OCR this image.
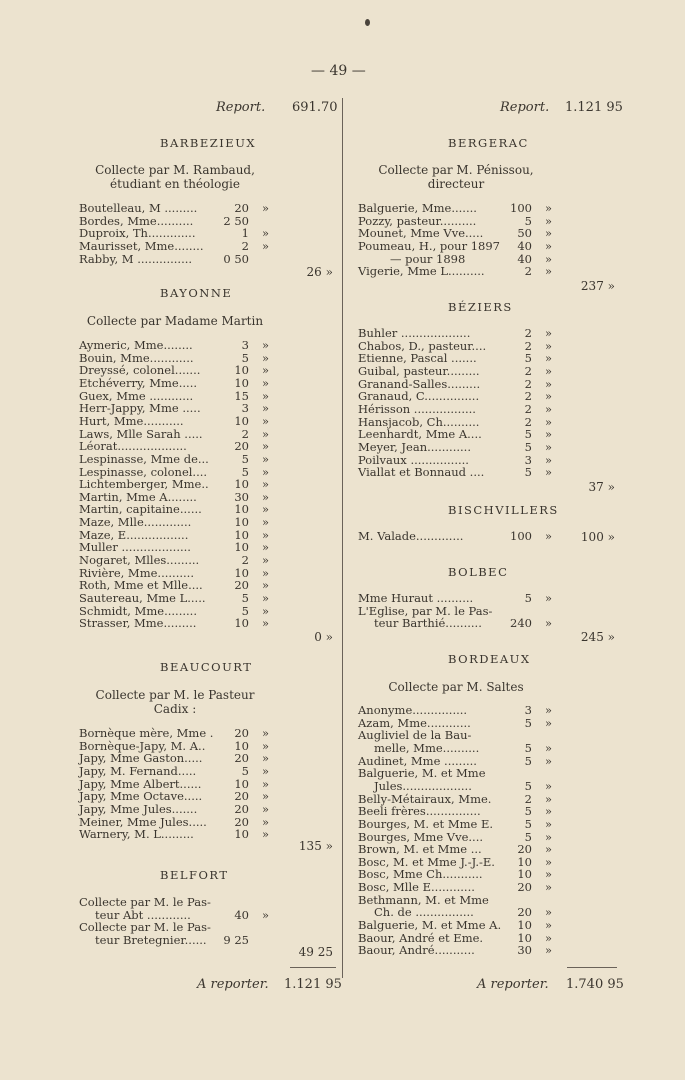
— 49 —
Report. 691.70	Report. 1.121 95
BARBEZIEUX
Collecte par M. Rambaud,
étudiant en théologie
Boutelleau, M .........	20 »
Bordes, Mme..........	2 50
Duproix, Th.............	1 »
Maurisset, Mme........	2 »
Rabby, M ...............	0 50
26 »
BAYONNE
Collecte par Madame Martin
Aymeric, Mme........	3 »
Bouin, Mme............	5 »
Dreyssé, colonel.......	10 »
Etchéverry, Mme.....	10 »
Guex, Mme ............	15 »
Herr-Jappy, Mme .....	3 »
Hurt, Mme...........	10 »
Laws, Mlle Sarah .....	2 »
Léorat...................	20 »
Lespinasse, Mme de...	5 »
Lespinasse, colonel....	5 »
Lichtemberger, Mme..	10 »
Martin, Mme A........	30 »
Martin, capitaine......	10 »
Maze, Mlle.............	10 »
Maze, E.................	10 »
Muller ...................	10 »
Nogaret, Mlles.........	2 »
Rivière, Mme..........	10 »
Roth, Mme et Mlle....	20 »
Sautereau, Mme L.....	5 »
Schmidt, Mme.........	5 »
Strasser, Mme.........	10 »
0 »
BEAUCOURT
Collecte par M. le Pasteur
Cadix :
Bornèque mère, Mme .	20 »
Bornèque-Japy, M. A..	10 »
Japy, Mme Gaston.....	20 »
Japy, M. Fernand.....	5 »
Japy, Mme Albert......	10 »
Japy, Mme Octave.....	20 »
Japy, Mme Jules.......	20 »
Meiner, Mme Jules.....	20 »
Warnery, M. L.........	10 »
135 »
BELFORT
Collecte par M. le Pas-
teur Abt ............	40 »
Collecte par M. le Pas-
teur Bretegnier......	9 25
49 25
BERGERAC
Collecte par M. Pénissou,
directeur
Balguerie, Mme.......	100 »
Pozzy, pasteur..........	5 »
Mounet, Mme Vve.....	50 »
Poumeau, H., pour 1897	40 »
— pour 1898	40 »
Vigerie, Mme L..........	2 »
237 »
BÉZIERS
Buhler ...................	2 »
Chabos, D., pasteur....	2 »
Etienne, Pascal .......	5 »
Guibal, pasteur.........	2 »
Granand-Salles.........	2 »
Granaud, C...............	2 »
Hérisson .................	2 »
Hansjacob, Ch..........	2 »
Leenhardt, Mme A....	5 »
Meyer, Jean............	5 »
Poilvaux ................	3 »
Viallat et Bonnaud ....	5 »
37 »
BISCHVILLERS
M. Valade.............	100 »	100 »
BOLBEC
Mme Huraut ..........	5 »
L'Eglise, par M. le Pas-
teur Barthié..........	240 »
245 »
BORDEAUX
Collecte par M. Saltes
Anonyme...............	3 »
Azam, Mme............	5 »
Augliviel de la Bau-
melle, Mme..........	5 »
Audinet, Mme .........	5 »
Balguerie, M. et Mme
Jules...................	5 »
Belly-Métairaux, Mme.	2 »
Beeli frères...............	5 »
Bourges, M. et Mme E.	5 »
Bourges, Mme Vve....	5 »
Brown, M. et Mme ...	20 »
Bosc, M. et Mme J.-J.-E.	10 »
Bosc, Mme Ch...........	10 »
Bosc, Mlle E............	20 »
Bethmann, M. et Mme
Ch. de ................	20 »
Balguerie, M. et Mme A.	10 »
Baour, André et Eme.	10 »
Baour, André...........	30 »
A reporter. 1.121 95	A reporter. 1.740 95
